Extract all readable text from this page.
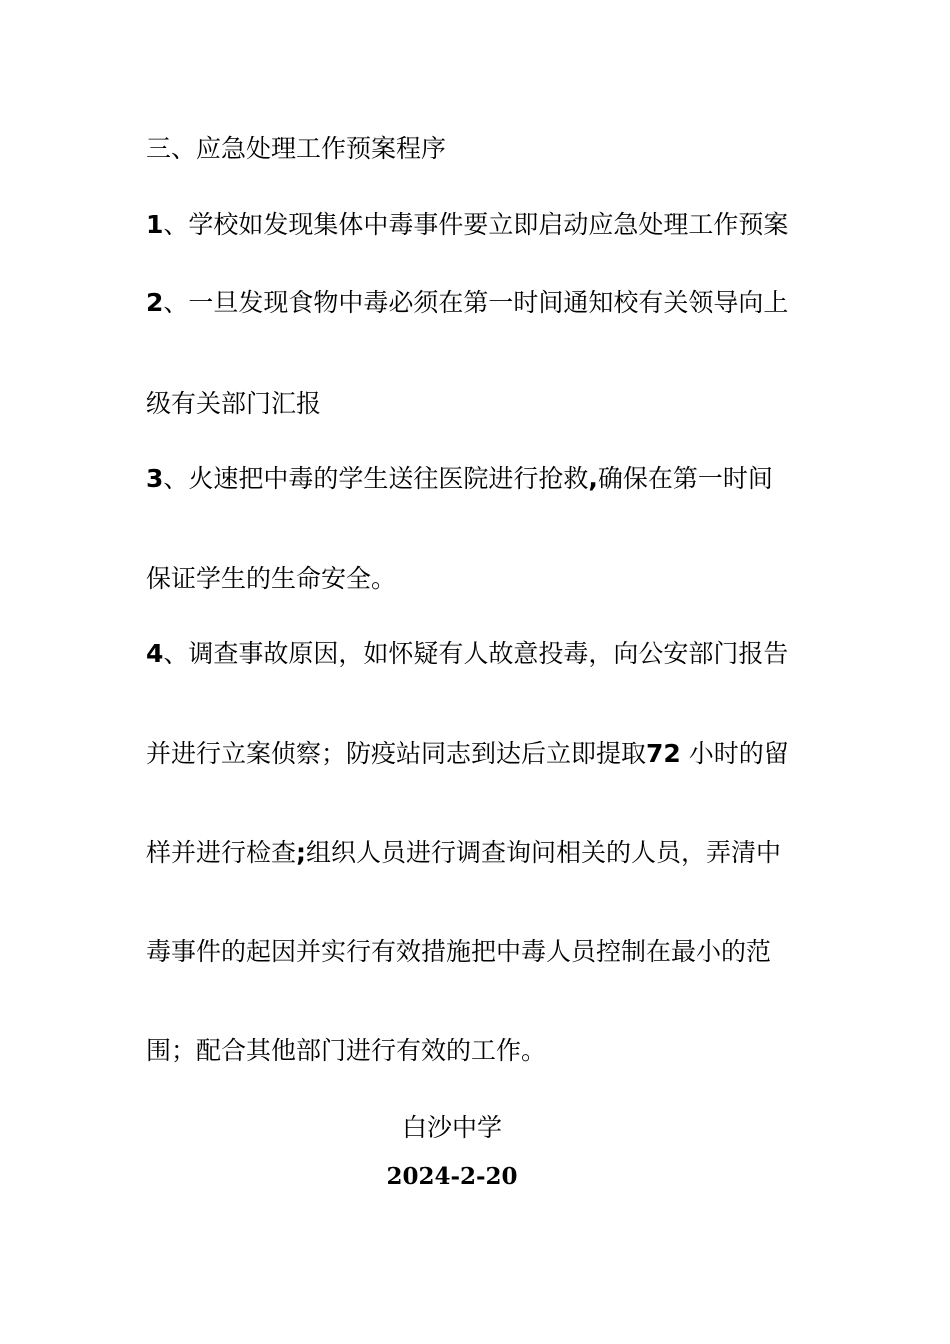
三、应急处理工作预案程序
1、学校如发现集体中毒事件要立即启动应急处理工作预案
2、一旦发现食物中毒必须在第一时间通知校有关领导向上
级有关部门汇报
3、火速把中毒的学生送往医院进行抢救,确保在第一时间
保证学生的生命安全。
4、调查事故原因，如怀疑有人故意投毒，向公安部门报告
并进行立案侦察；防疫站同志到达后立即提取72 小时的留
样并进行检查;组织人员进行调查询问相关的人员，弄清中
毒事件的起因并实行有效措施把中毒人员控制在最小的范
围；配合其他部门进行有效的工作。
白沙中学
2024-2-20
